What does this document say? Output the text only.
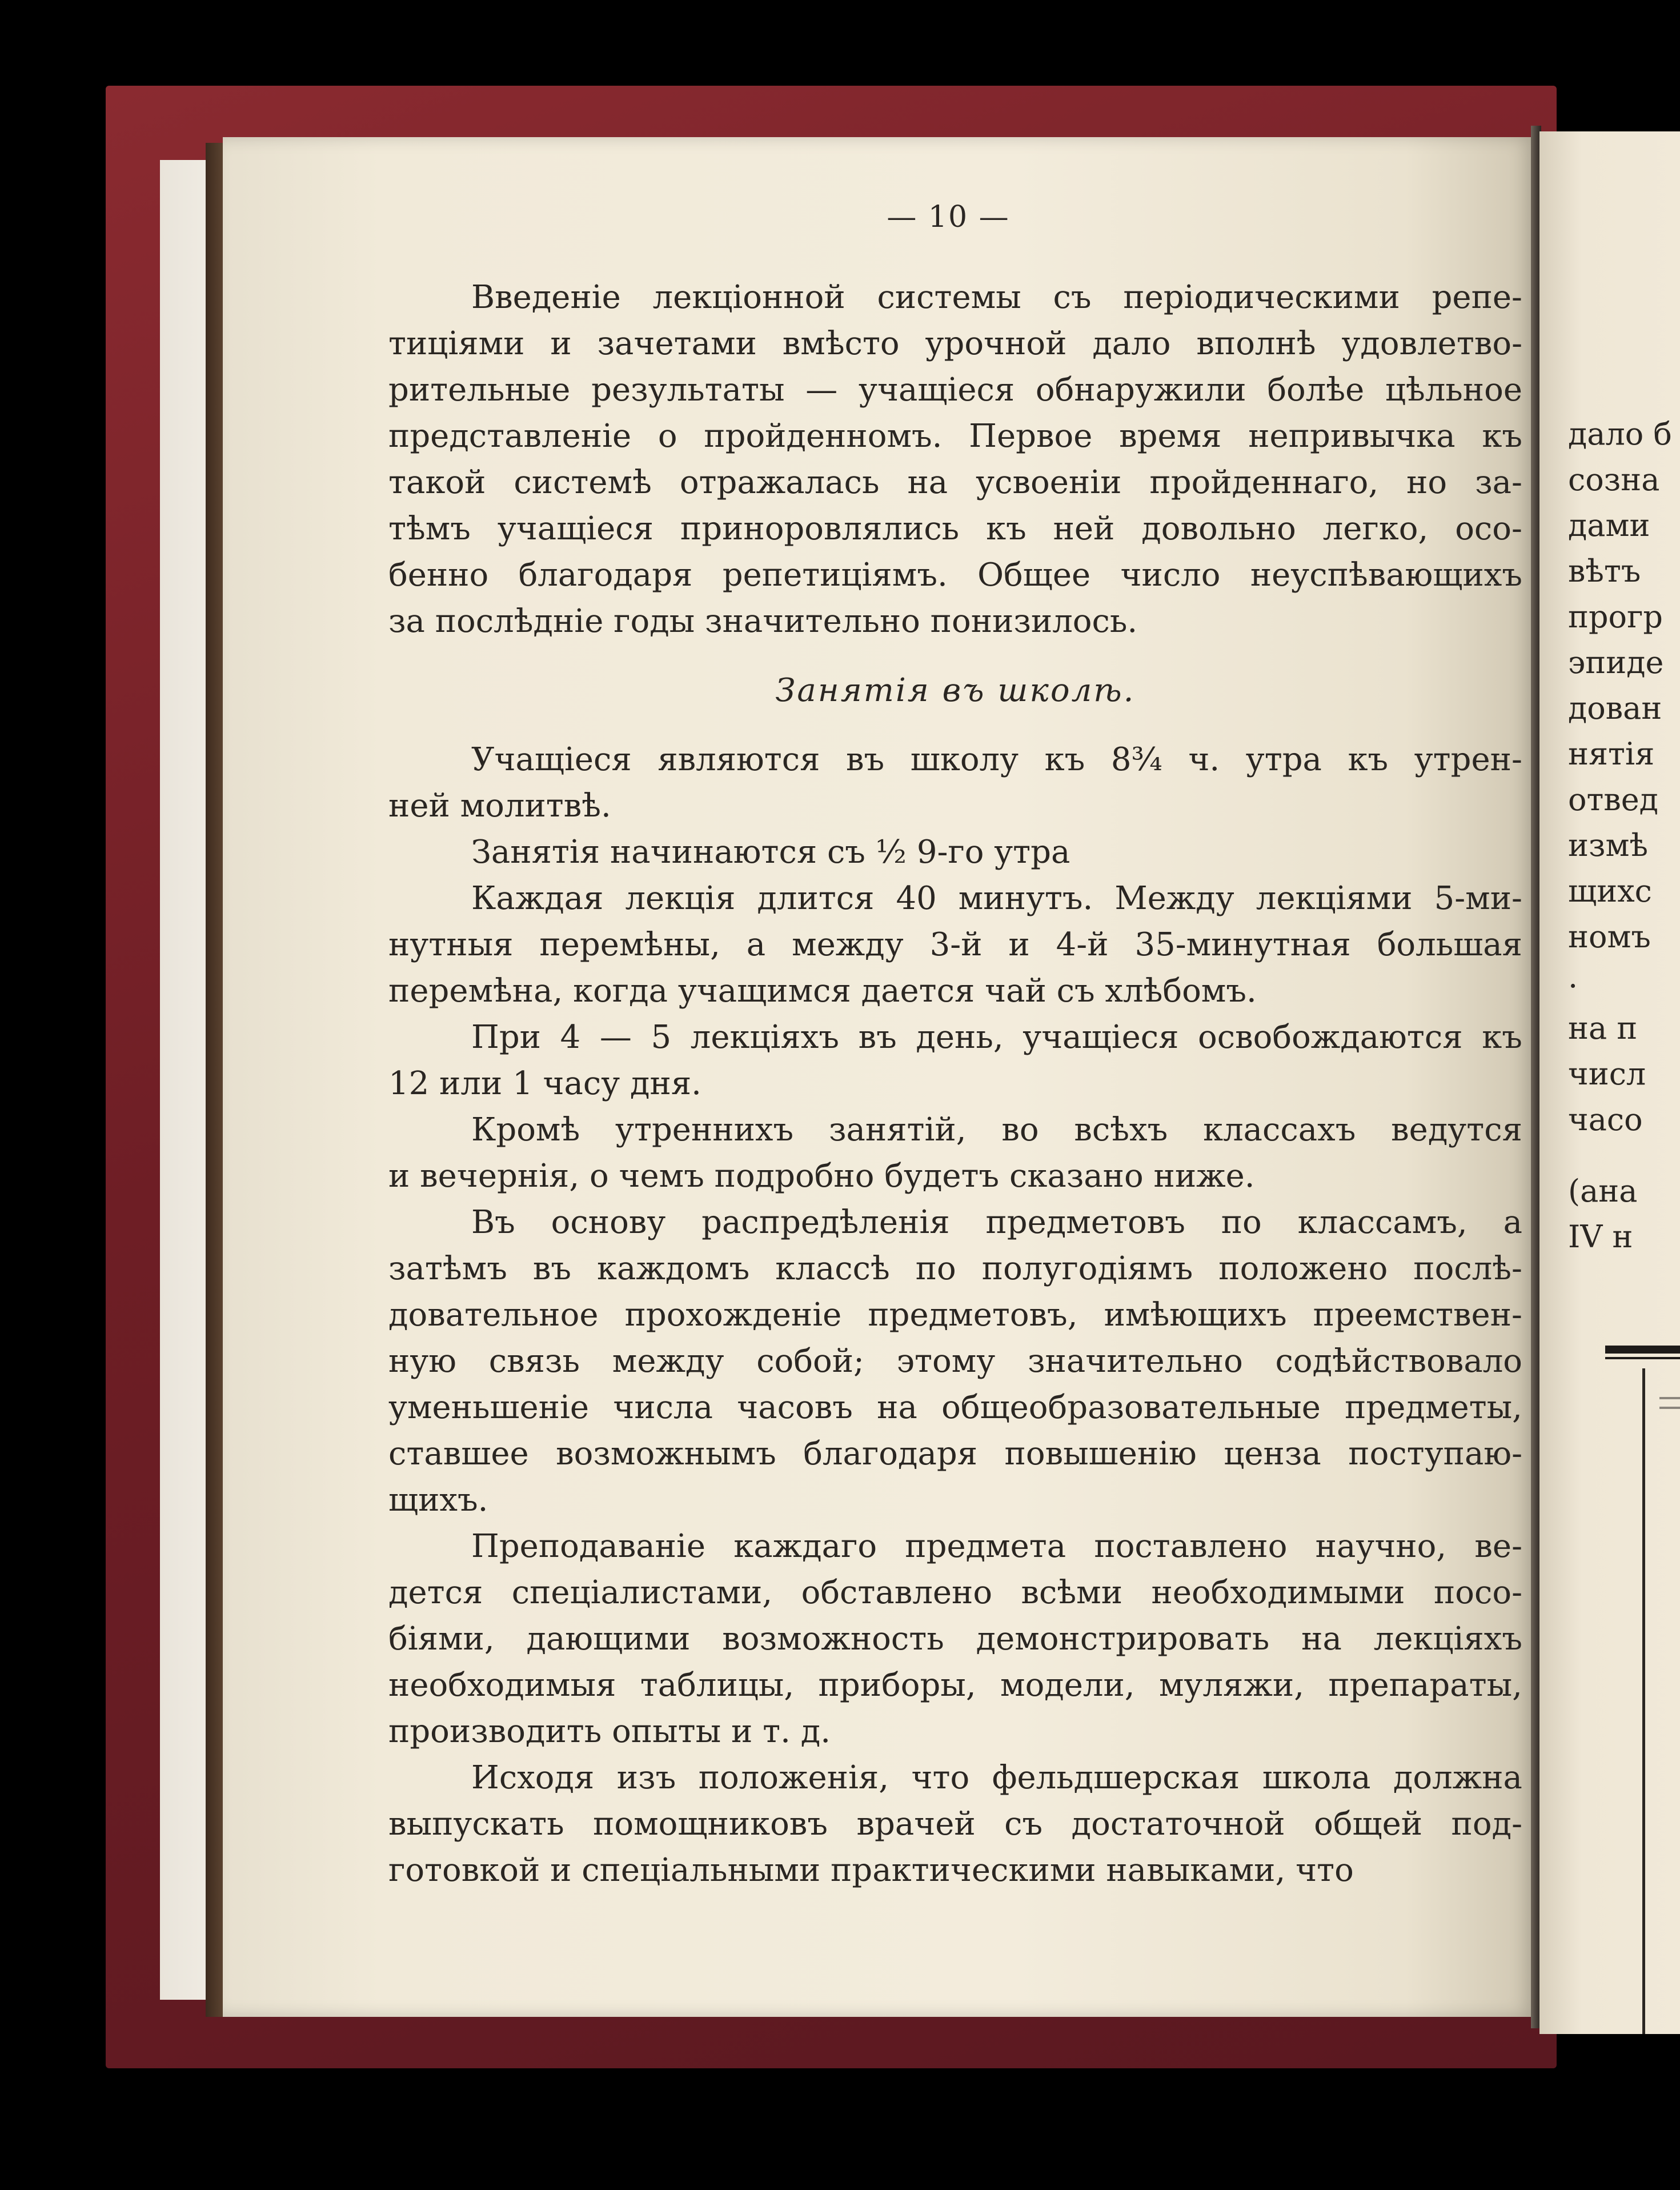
— 10 —
Введеніе лекціонной системы съ періодическими репе-
тиціями и зачетами вмѣсто урочной дало вполнѣ удовлетво-
рительные результаты — учащіеся обнаружили болѣе цѣльное
представленіе о пройденномъ. Первое время непривычка къ
такой системѣ отражалась на усвоеніи пройденнаго, но за-
тѣмъ учащіеся приноровлялись къ ней довольно легко, осо-
бенно благодаря репетиціямъ. Общее число неуспѣвающихъ
за послѣдніе годы значительно понизилось.
Занятія въ школѣ.
Учащіеся являются въ школу къ 8¾ ч. утра къ утрен-
ней молитвѣ.
Занятія начинаются съ ½ 9-го утра
Каждая лекція длится 40 минутъ. Между лекціями 5-ми-
нутныя перемѣны, а между 3-й и 4-й 35-минутная большая
перемѣна, когда учащимся дается чай съ хлѣбомъ.
При 4 — 5 лекціяхъ въ день, учащіеся освобождаются къ
12 или 1 часу дня.
Кромѣ утреннихъ занятій, во всѣхъ классахъ ведутся
и вечернія, о чемъ подробно будетъ сказано ниже.
Въ основу распредѣленія предметовъ по классамъ, а
затѣмъ въ каждомъ классѣ по полугодіямъ положено послѣ-
довательное прохожденіе предметовъ, имѣющихъ преемствен-
ную связь между собой; этому значительно содѣйствовало
уменьшеніе числа часовъ на общеобразовательные предметы,
ставшее возможнымъ благодаря повышенію ценза поступаю-
щихъ.
Преподаваніе каждаго предмета поставлено научно, ве-
дется спеціалистами, обставлено всѣми необходимыми посо-
біями, дающими возможность демонстрировать на лекціяхъ
необходимыя таблицы, приборы, модели, муляжи, препараты,
производить опыты и т. д.
Исходя изъ положенія, что фельдшерская школа должна
выпускать помощниковъ врачей съ достаточной общей под-
готовкой и спеціальными практическими навыками, что
дало б
созна
дами
вѣтъ
прогр
эпиде
дован
нятія
отвед
измѣ
щихс
номъ
.
на п
числ
часо
(ана
IV н
